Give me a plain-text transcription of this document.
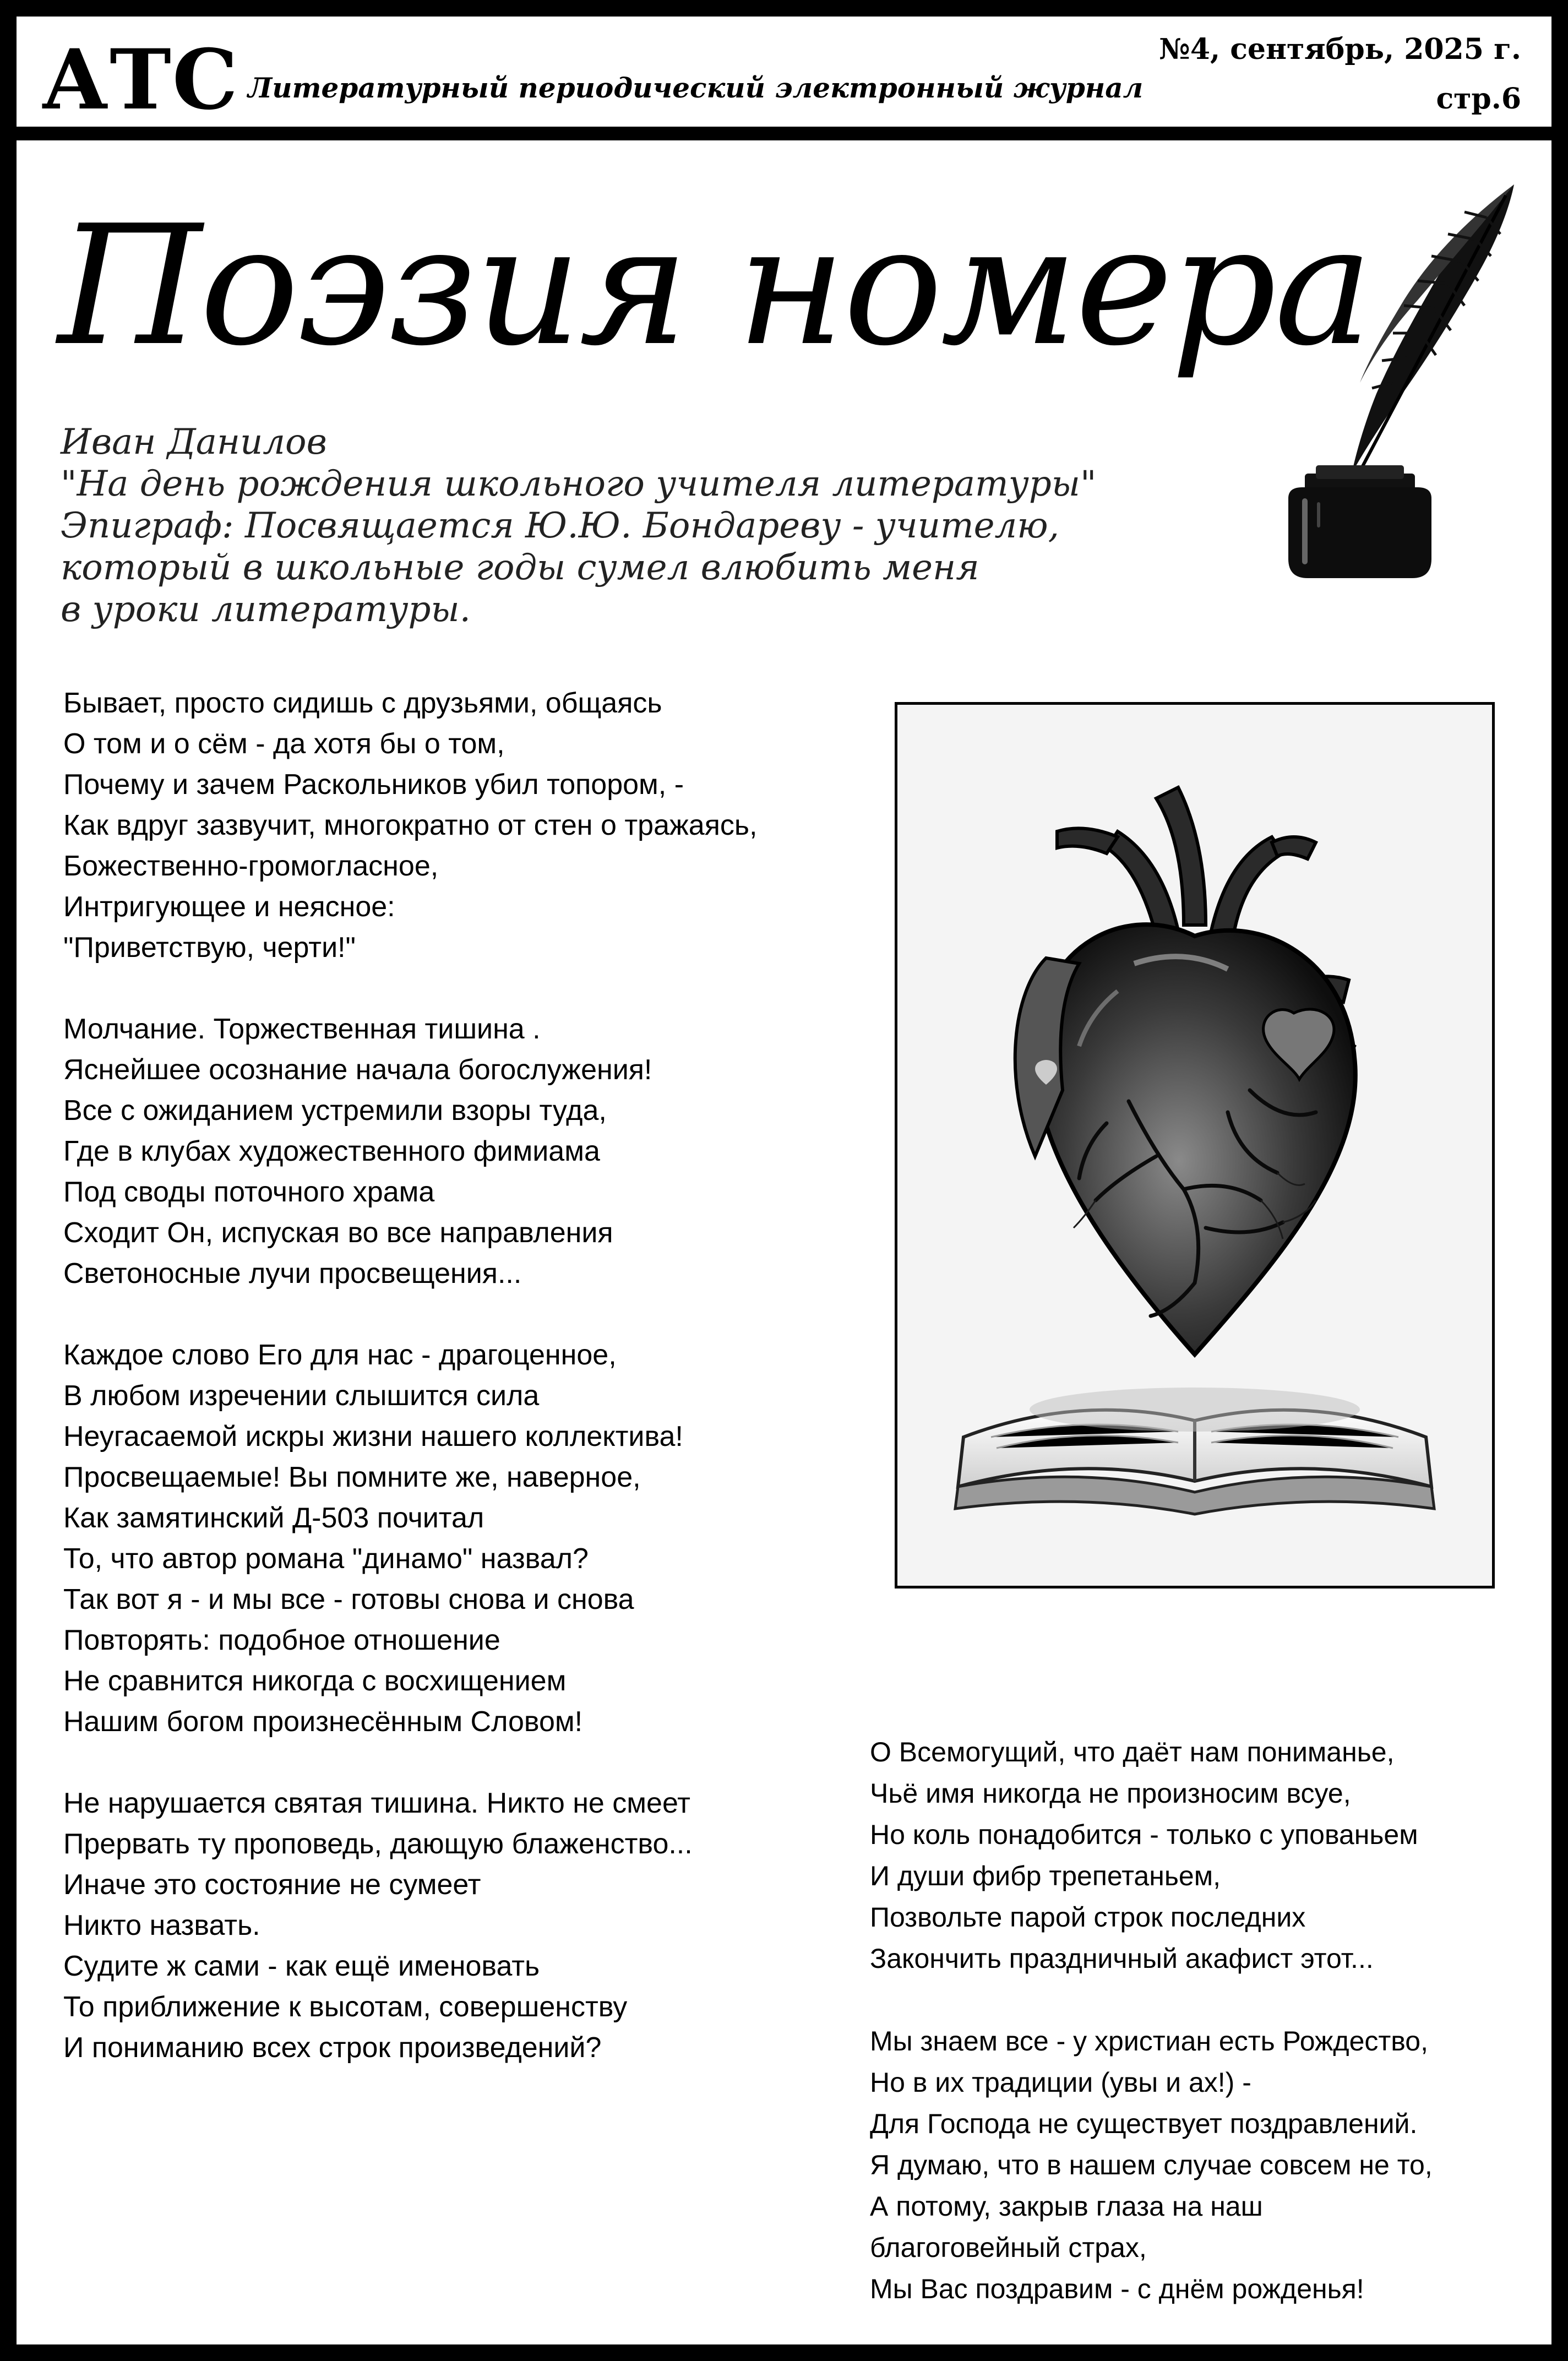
АТС Литературный периодический электронный журнал
№4, сентябрь, 2025 г.
стр.6
Поэзия номера
Иван Данилов
"На день рождения школьного учителя литературы"
Эпиграф: Посвящается Ю.Ю. Бондареву - учителю,
который в школьные годы сумел влюбить меня
в уроки литературы.
Бывает, просто сидишь с друзьями, общаясь
О том и о сём - да хотя бы о том,
Почему и зачем Раскольников убил топором, -
Как вдруг зазвучит, многократно от стен о тражаясь,
Божественно-громогласное,
Интригующее и неясное:
"Приветствую, черти!"
Молчание. Торжественная тишина .
Яснейшее осознание начала богослужения!
Все с ожиданием устремили взоры туда,
Где в клубах художественного фимиама
Под своды поточного храма
Сходит Он, испуская во все направления
Светоносные лучи просвещения...
Каждое слово Его для нас - драгоценное,
В любом изречении слышится сила
Неугасаемой искры жизни нашего коллектива!
Просвещаемые! Вы помните же, наверное,
Как замятинский Д-503 почитал
То, что автор романа "динамо" назвал?
Так вот я - и мы все - готовы снова и снова
Повторять: подобное отношение
Не сравнится никогда с восхищением
Нашим богом произнесённым Словом!
Не нарушается святая тишина. Никто не смеет
Прервать ту проповедь, дающую блаженство...
Иначе это состояние не сумеет
Никто назвать.
Судите ж сами - как ещё именовать
То приближение к высотам, совершенству
И пониманию всех строк произведений?
О Всемогущий, что даёт нам пониманье,
Чьё имя никогда не произносим всуе,
Но коль понадобится - только с упованьем
И души фибр трепетаньем,
Позвольте парой строк последних
Закончить праздничный акафист этот...
Мы знаем все - у христиан есть Рождество,
Но в их традиции (увы и ах!) -
Для Господа не существует поздравлений.
Я думаю, что в нашем случае совсем не то,
А потому, закрыв глаза на наш
благоговейный страх,
Мы Вас поздравим - с днём рожденья!
